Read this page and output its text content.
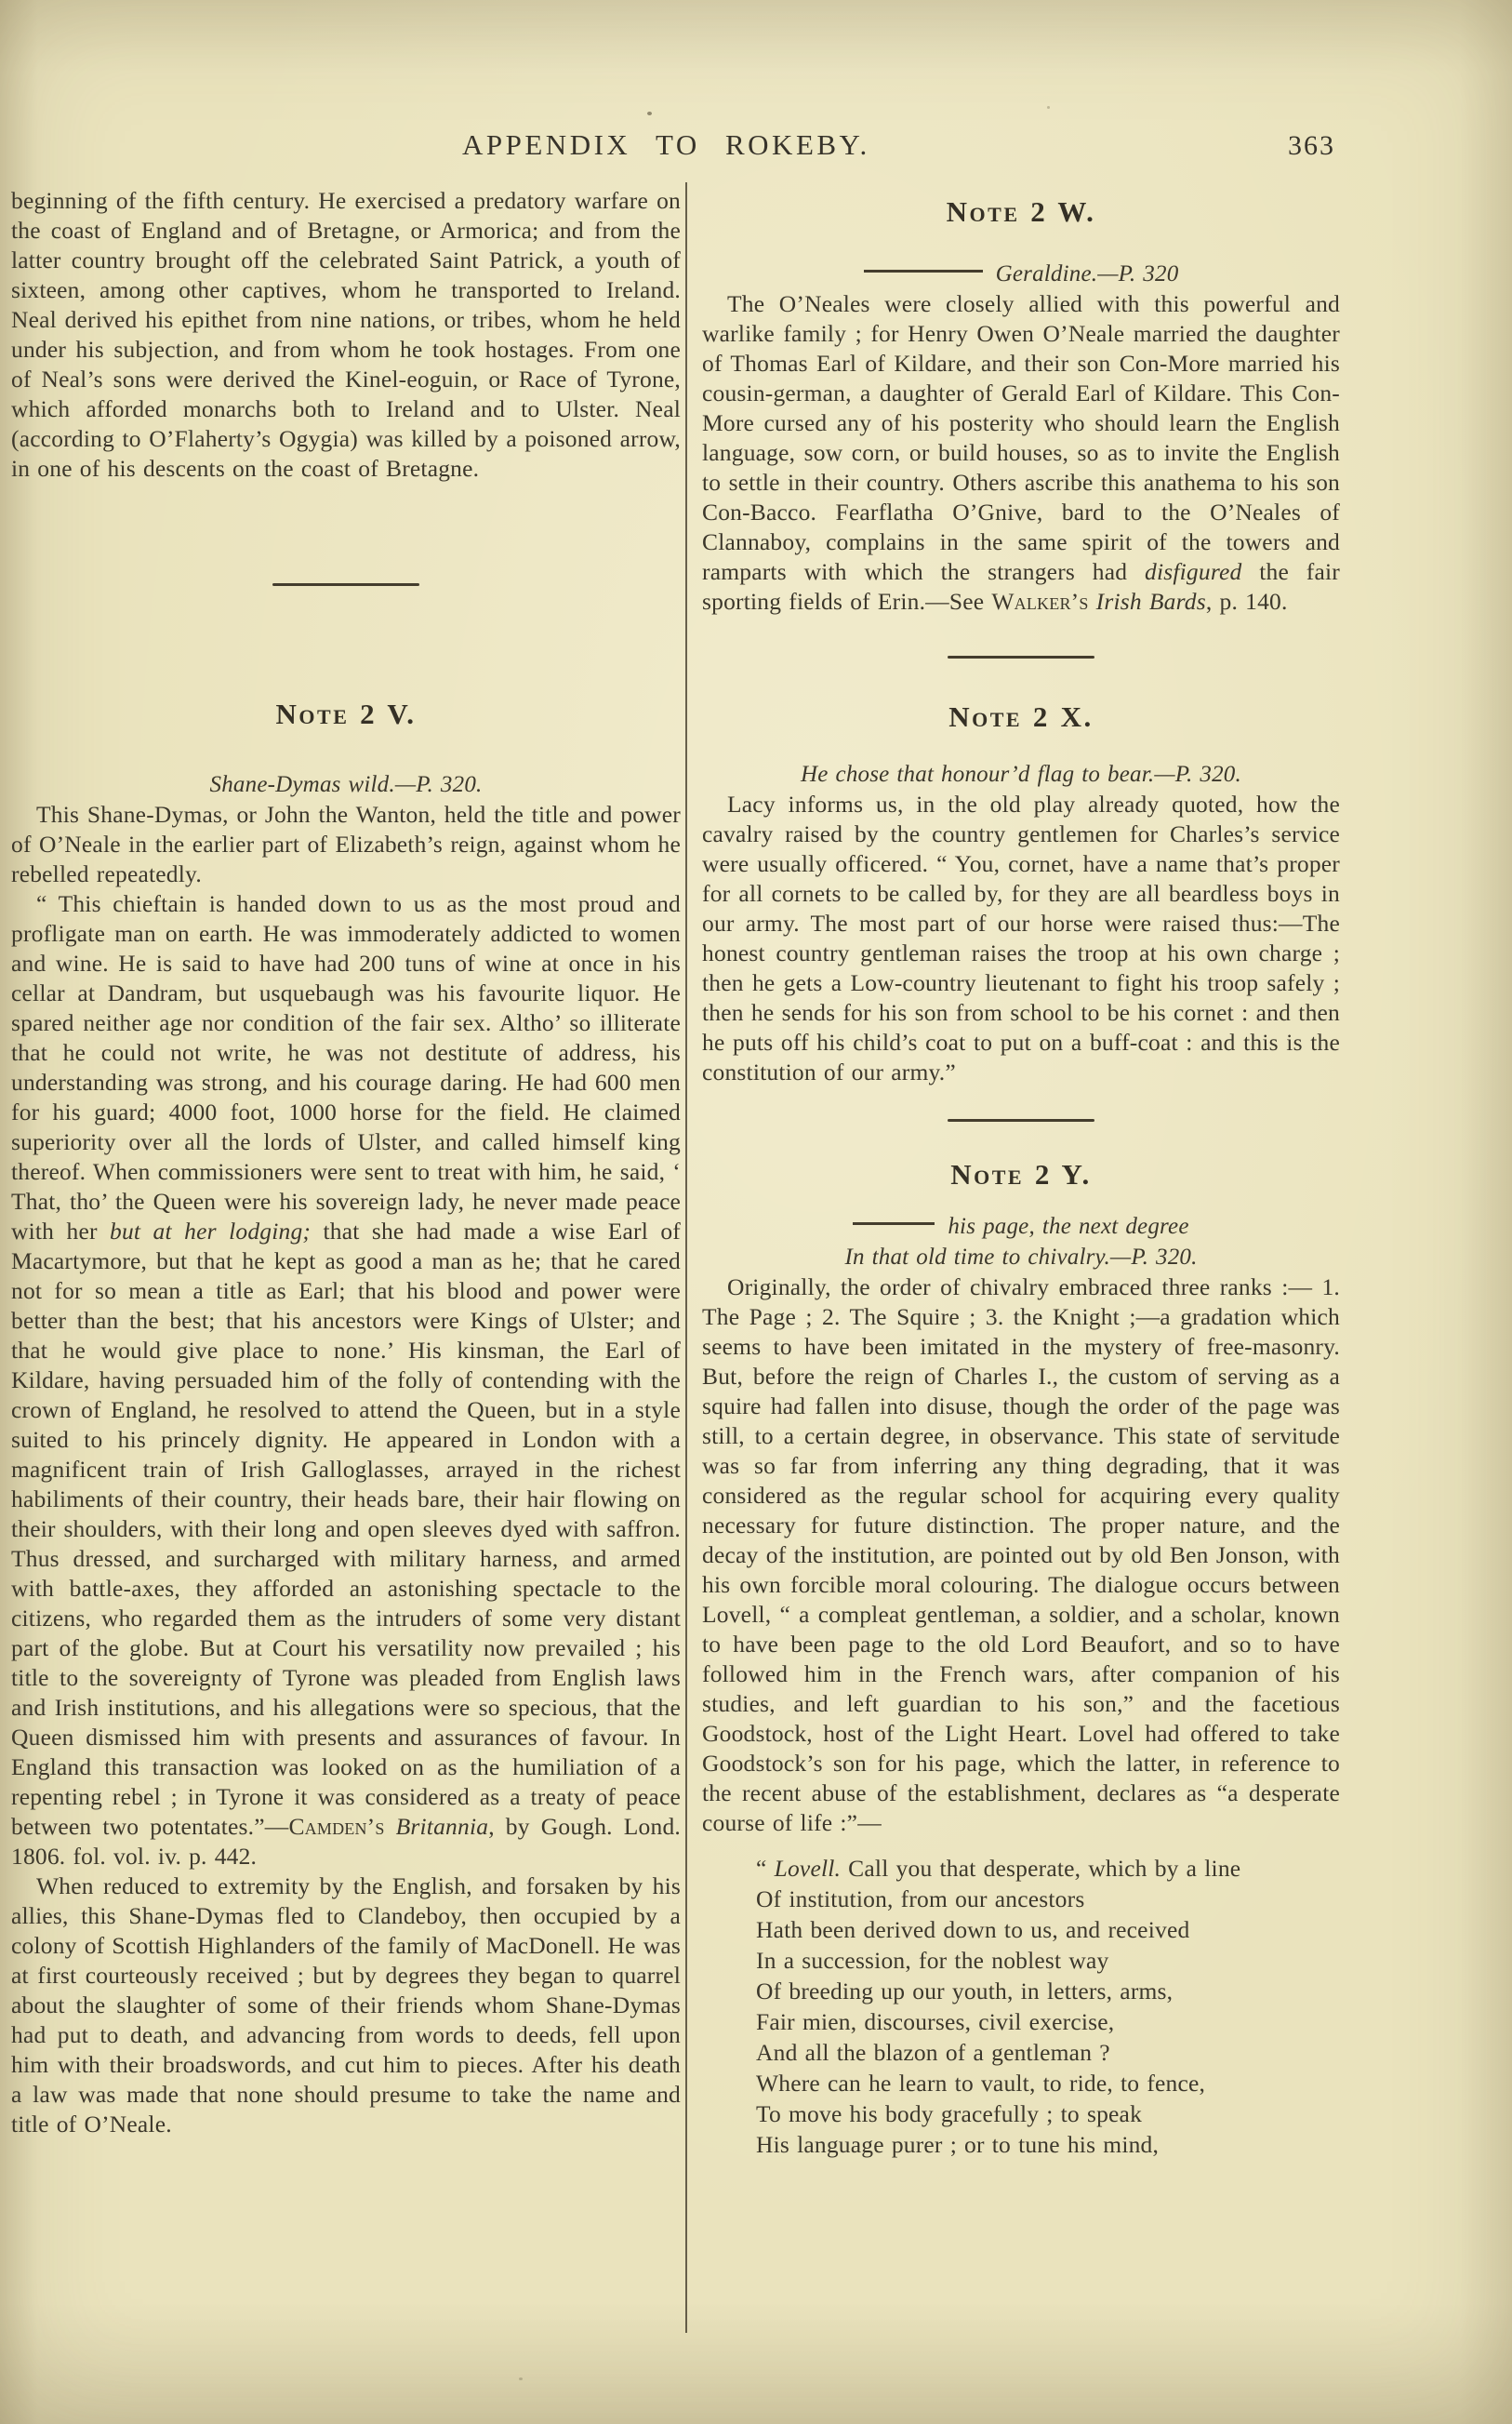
APPENDIX TO ROKEBY.	363

beginning of the fifth century. He exercised a predatory warfare on the coast of England and of Bretagne, or Armorica; and from the latter country brought off the celebrated Saint Patrick, a youth of sixteen, among other captives, whom he transported to Ireland. Neal derived his epithet from nine nations, or tribes, whom he held under his subjection, and from whom he took hostages. From one of Neal’s sons were derived the Kinel-eoguin, or Race of Tyrone, which afforded monarchs both to Ireland and to Ulster. Neal (according to O’Flaherty’s Ogygia) was killed by a poisoned arrow, in one of his descents on the coast of Bretagne.

Note 2 V.
Shane-Dymas wild.—P. 320.

This Shane-Dymas, or John the Wanton, held the title and power of O’Neale in the earlier part of Elizabeth’s reign, against whom he rebelled repeatedly.

“ This chieftain is handed down to us as the most proud and profligate man on earth. He was immoderately addicted to women and wine. He is said to have had 200 tuns of wine at once in his cellar at Dandram, but usquebaugh was his favourite liquor. He spared neither age nor condition of the fair sex. Altho’ so illiterate that he could not write, he was not destitute of address, his understanding was strong, and his courage daring. He had 600 men for his guard; 4000 foot, 1000 horse for the field. He claimed superiority over all the lords of Ulster, and called himself king thereof. When commissioners were sent to treat with him, he said, ‘ That, tho’ the Queen were his sovereign lady, he never made peace with her but at her lodging; that she had made a wise Earl of Macartymore, but that he kept as good a man as he; that he cared not for so mean a title as Earl; that his blood and power were better than the best; that his ancestors were Kings of Ulster; and that he would give place to none.’ His kinsman, the Earl of Kildare, having persuaded him of the folly of contending with the crown of England, he resolved to attend the Queen, but in a style suited to his princely dignity. He appeared in London with a magnificent train of Irish Galloglasses, arrayed in the richest habiliments of their country, their heads bare, their hair flowing on their shoulders, with their long and open sleeves dyed with saffron. Thus dressed, and surcharged with military harness, and armed with battle-axes, they afforded an astonishing spectacle to the citizens, who regarded them as the intruders of some very distant part of the globe. But at Court his versatility now prevailed ; his title to the sovereignty of Tyrone was pleaded from English laws and Irish institutions, and his allegations were so specious, that the Queen dismissed him with presents and assurances of favour. In England this transaction was looked on as the humiliation of a repenting rebel ; in Tyrone it was considered as a treaty of peace between two potentates.”—Camden’s Britannia, by Gough. Lond. 1806. fol. vol. iv. p. 442.

When reduced to extremity by the English, and forsaken by his allies, this Shane-Dymas fled to Clandeboy, then occupied by a colony of Scottish Highlanders of the family of MacDonell. He was at first courteously received ; but by degrees they began to quarrel about the slaughter of some of their friends whom Shane-Dymas had put to death, and advancing from words to deeds, fell upon him with their broadswords, and cut him to pieces. After his death a law was made that none should presume to take the name and title of O’Neale.

Note 2 W.
Geraldine.—P. 320

The O’Neales were closely allied with this powerful and warlike family ; for Henry Owen O’Neale married the daughter of Thomas Earl of Kildare, and their son Con-More married his cousin-german, a daughter of Gerald Earl of Kildare. This Con-More cursed any of his posterity who should learn the English language, sow corn, or build houses, so as to invite the English to settle in their country. Others ascribe this anathema to his son Con-Bacco. Fearflatha O’Gnive, bard to the O’Neales of Clannaboy, complains in the same spirit of the towers and ramparts with which the strangers had disfigured the fair sporting fields of Erin.—See Walker’s Irish Bards, p. 140.

Note 2 X.
He chose that honour’d flag to bear.—P. 320.

Lacy informs us, in the old play already quoted, how the cavalry raised by the country gentlemen for Charles’s service were usually officered. “ You, cornet, have a name that’s proper for all cornets to be called by, for they are all beardless boys in our army. The most part of our horse were raised thus:—The honest country gentleman raises the troop at his own charge ; then he gets a Low-country lieutenant to fight his troop safely ; then he sends for his son from school to be his cornet : and then he puts off his child’s coat to put on a buff-coat : and this is the constitution of our army.”

Note 2 Y.
his page, the next degree
In that old time to chivalry.—P. 320.

Originally, the order of chivalry embraced three ranks :— 1. The Page ; 2. The Squire ; 3. the Knight ;—a gradation which seems to have been imitated in the mystery of free-masonry. But, before the reign of Charles I., the custom of serving as a squire had fallen into disuse, though the order of the page was still, to a certain degree, in observance. This state of servitude was so far from inferring any thing degrading, that it was considered as the regular school for acquiring every quality necessary for future distinction. The proper nature, and the decay of the institution, are pointed out by old Ben Jonson, with his own forcible moral colouring. The dialogue occurs between Lovell, “ a compleat gentleman, a soldier, and a scholar, known to have been page to the old Lord Beaufort, and so to have followed him in the French wars, after companion of his studies, and left guardian to his son,” and the facetious Goodstock, host of the Light Heart. Lovel had offered to take Goodstock’s son for his page, which the latter, in reference to the recent abuse of the establishment, declares as “a desperate course of life :”—

“ Lovell. Call you that desperate, which by a line
Of institution, from our ancestors
Hath been derived down to us, and received
In a succession, for the noblest way
Of breeding up our youth, in letters, arms,
Fair mien, discourses, civil exercise,
And all the blazon of a gentleman ?
Where can he learn to vault, to ride, to fence,
To move his body gracefully ; to speak
His language purer ; or to tune his mind,
